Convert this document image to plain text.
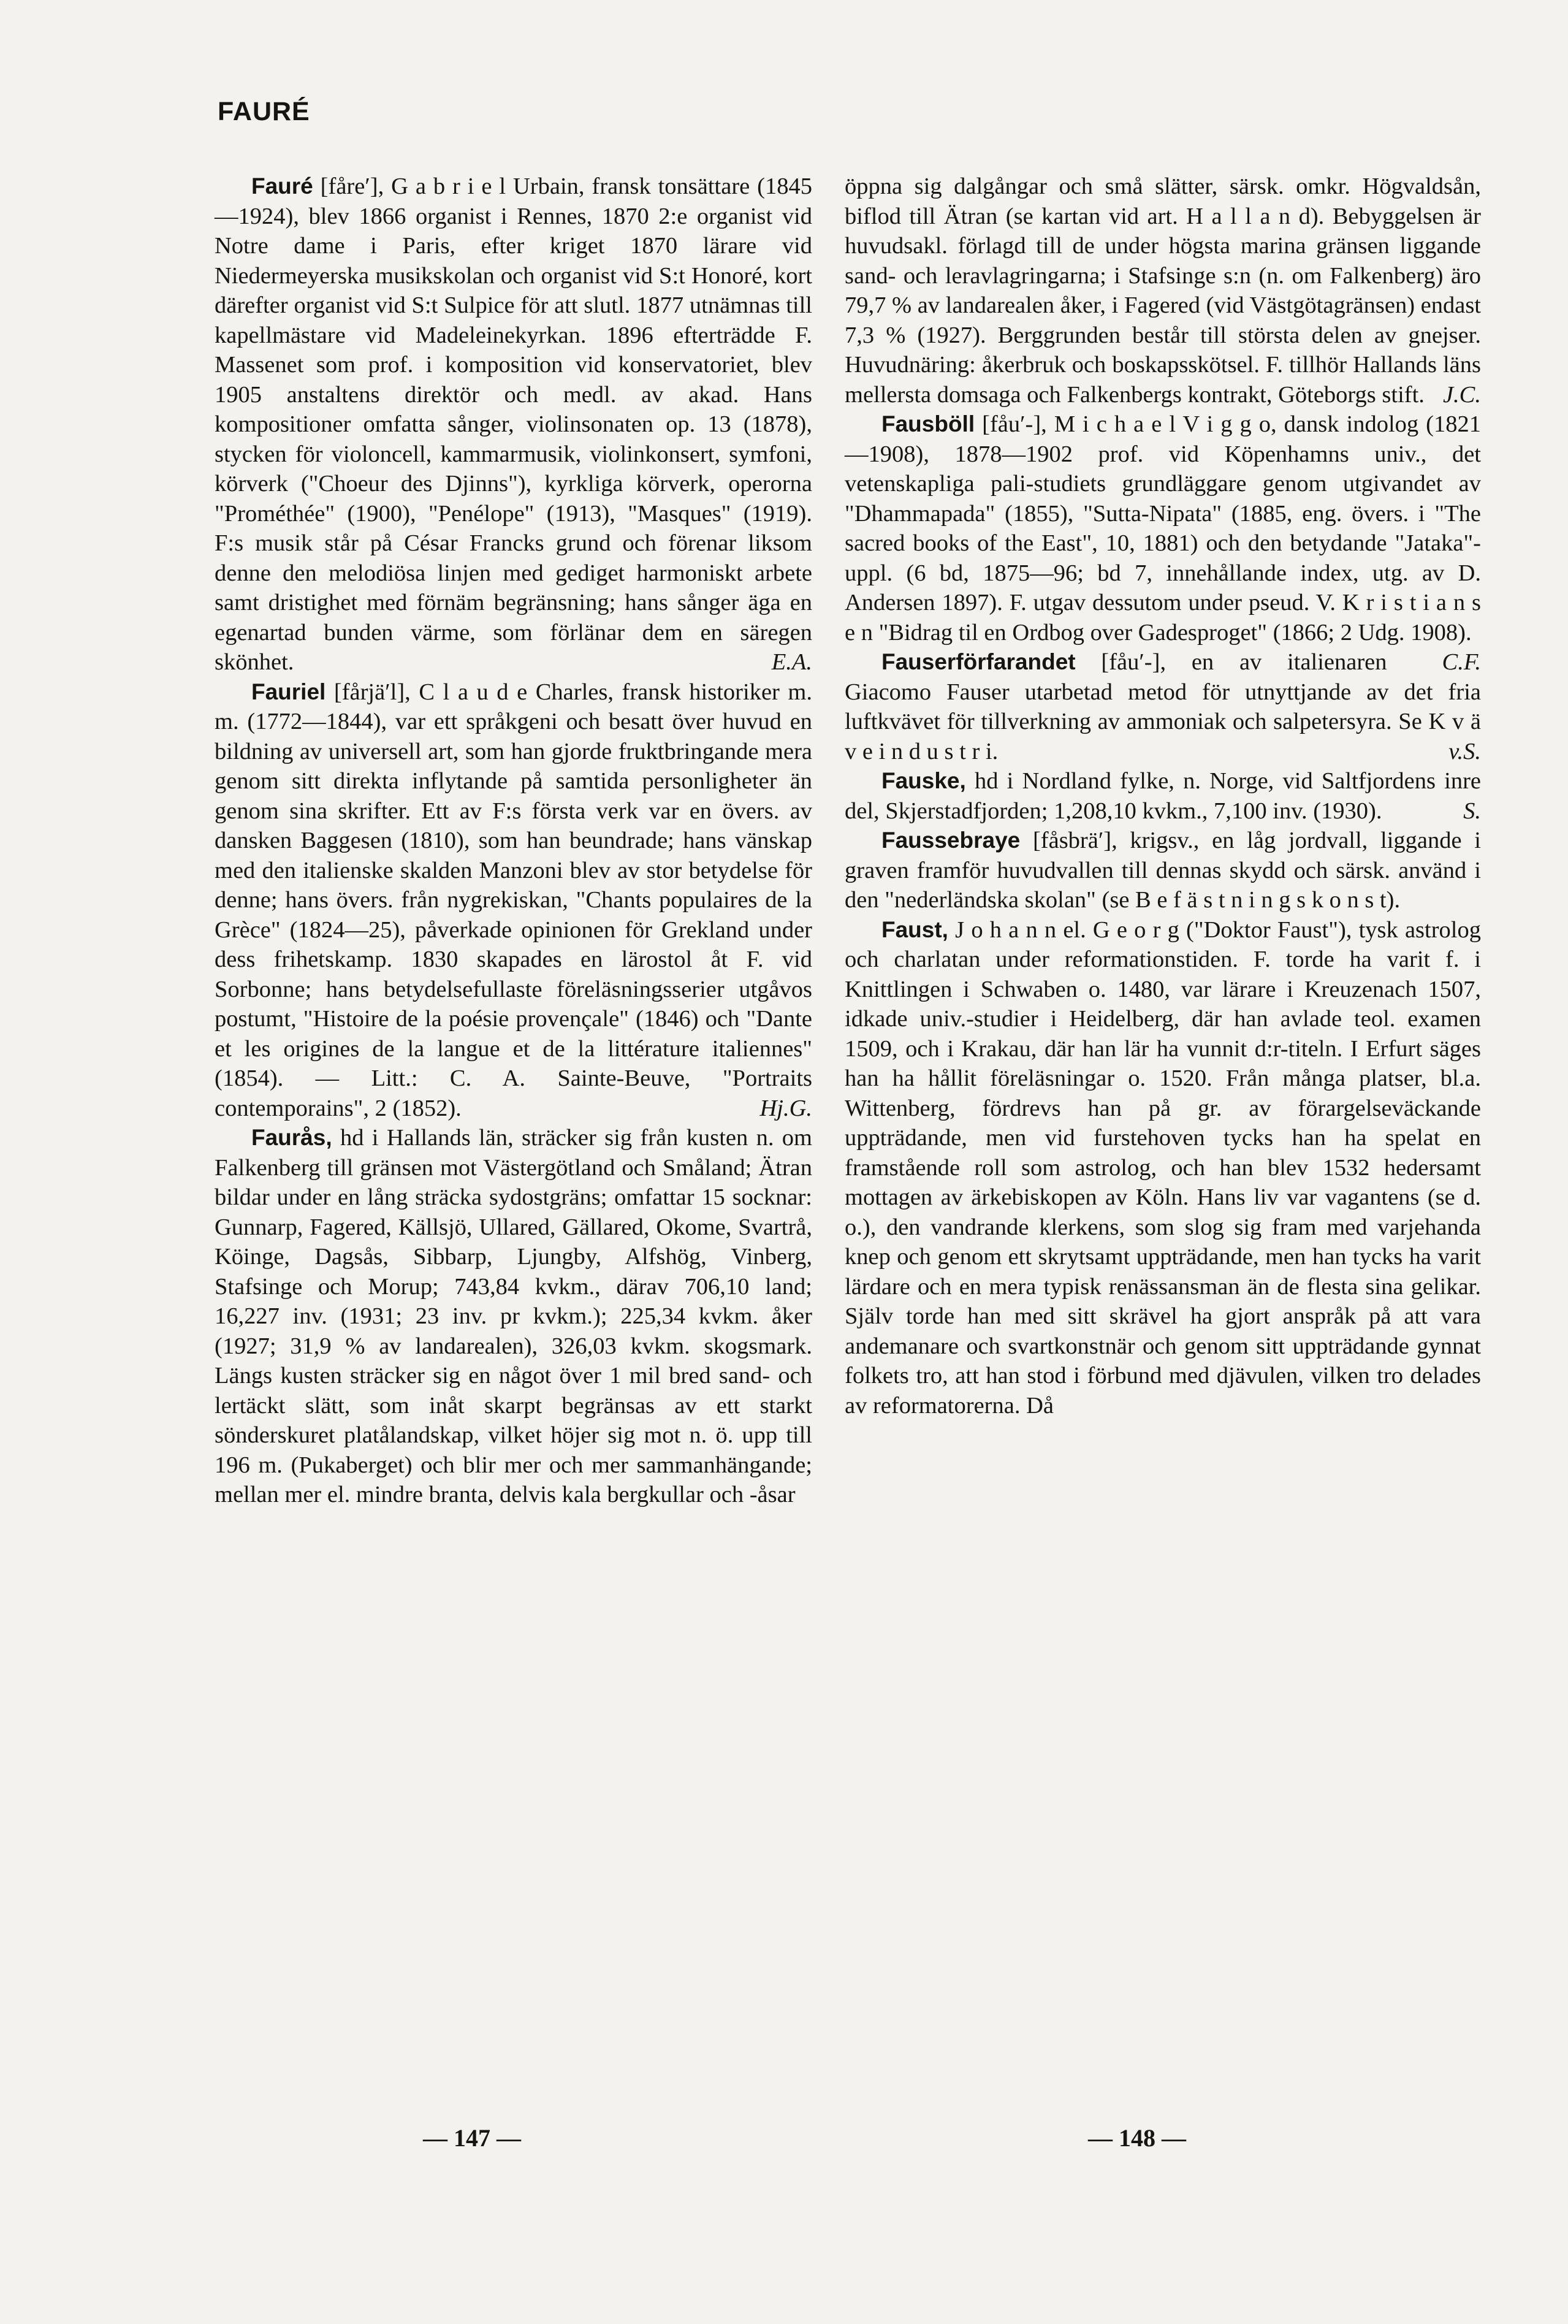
FAURÉ

Fauré [fåre′], G a b r i e l Urbain, fransk tonsättare (1845—1924), blev 1866 organist i Rennes, 1870 2:e organist vid Notre dame i Paris, efter kriget 1870 lärare vid Niedermeyerska musikskolan och organist vid S:t Honoré, kort därefter organist vid S:t Sulpice för att slutl. 1877 utnämnas till kapellmästare vid Madeleinekyrkan. 1896 efterträdde F. Massenet som prof. i komposition vid konservatoriet, blev 1905 anstaltens direktör och medl. av akad. Hans kompositioner omfatta sånger, violinsonaten op. 13 (1878), stycken för violoncell, kammarmusik, violinkonsert, symfoni, körverk ("Choeur des Djinns"), kyrkliga körverk, operorna "Prométhée" (1900), "Penélope" (1913), "Masques" (1919). F:s musik står på César Francks grund och förenar liksom denne den melodiösa linjen med gediget harmoniskt arbete samt dristighet med förnäm begränsning; hans sånger äga en egenartad bunden värme, som förlänar dem en säregen skönhet.	E.A.

Fauriel [fårjä′l], C l a u d e Charles, fransk historiker m. m. (1772—1844), var ett språkgeni och besatt över huvud en bildning av universell art, som han gjorde fruktbringande mera genom sitt direkta inflytande på samtida personligheter än genom sina skrifter. Ett av F:s första verk var en övers. av dansken Baggesen (1810), som han beundrade; hans vänskap med den italienske skalden Manzoni blev av stor betydelse för denne; hans övers. från nygrekiskan, "Chants populaires de la Grèce" (1824—25), påverkade opinionen för Grekland under dess frihetskamp. 1830 skapades en lärostol åt F. vid Sorbonne; hans betydelsefullaste föreläsningsserier utgåvos postumt, "Histoire de la poésie provençale" (1846) och "Dante et les origines de la langue et de la littérature italiennes" (1854). — Litt.: C. A. Sainte-Beuve, "Portraits contemporains", 2 (1852).	Hj.G.

Faurås, hd i Hallands län, sträcker sig från kusten n. om Falkenberg till gränsen mot Västergötland och Småland; Ätran bildar under en lång sträcka sydostgräns; omfattar 15 socknar: Gunnarp, Fagered, Källsjö, Ullared, Gällared, Okome, Svartrå, Köinge, Dagsås, Sibbarp, Ljungby, Alfshög, Vinberg, Stafsinge och Morup; 743,84 kvkm., därav 706,10 land; 16,227 inv. (1931; 23 inv. pr kvkm.); 225,34 kvkm. åker (1927; 31,9 % av landarealen), 326,03 kvkm. skogsmark. Längs kusten sträcker sig en något över 1 mil bred sand- och lertäckt slätt, som inåt skarpt begränsas av ett starkt sönderskuret platålandskap, vilket höjer sig mot n. ö. upp till 196 m. (Pukaberget) och blir mer och mer sammanhängande; mellan mer el. mindre branta, delvis kala bergkullar och -åsar

öppna sig dalgångar och små slätter, särsk. omkr. Högvaldsån, biflod till Ätran (se kartan vid art. H a l l a n d). Bebyggelsen är huvudsakl. förlagd till de under högsta marina gränsen liggande sand- och leravlagringarna; i Stafsinge s:n (n. om Falkenberg) äro 79,7 % av landarealen åker, i Fagered (vid Västgötagränsen) endast 7,3 % (1927). Berggrunden består till största delen av gnejser. Huvudnäring: åkerbruk och boskapsskötsel. F. tillhör Hallands läns mellersta domsaga och Falkenbergs kontrakt, Göteborgs stift. J.C.

Fausböll [fåu′-], M i c h a e l V i g g o, dansk indolog (1821—1908), 1878—1902 prof. vid Köpenhamns univ., det vetenskapliga pali-studiets grundläggare genom utgivandet av "Dhammapada" (1855), "Sutta-Nipata" (1885, eng. övers. i "The sacred books of the East", 10, 1881) och den betydande "Jataka"-uppl. (6 bd, 1875—96; bd 7, innehållande index, utg. av D. Andersen 1897). F. utgav dessutom under pseud. V. K r i s t i a n s e n "Bidrag til en Ordbog over Gadesproget" (1866; 2 Udg. 1908).
C.F.

Fauserförfarandet [fåu′-], en av italienaren Giacomo Fauser utarbetad metod för utnyttjande av det fria luftkvävet för tillverkning av ammoniak och salpetersyra. Se K v ä v e i n d u s t r i.	v.S.

Fauske, hd i Nordland fylke, n. Norge, vid Saltfjordens inre del, Skjerstadfjorden; 1,208,10 kvkm., 7,100 inv. (1930).	S.

Faussebraye [fåsbrä′], krigsv., en låg jordvall, liggande i graven framför huvudvallen till dennas skydd och särsk. använd i den "nederländska skolan" (se B e f ä s t n i n g s k o n s t).

Faust, J o h a n n el. G e o r g ("Doktor Faust"), tysk astrolog och charlatan under reformationstiden. F. torde ha varit f. i Knittlingen i Schwaben o. 1480, var lärare i Kreuzenach 1507, idkade univ.-studier i Heidelberg, där han avlade teol. examen 1509, och i Krakau, där han lär ha vunnit d:r-titeln. I Erfurt säges han ha hållit föreläsningar o. 1520. Från många platser, bl.a. Wittenberg, fördrevs han på gr. av förargelseväckande uppträdande, men vid furstehoven tycks han ha spelat en framstående roll som astrolog, och han blev 1532 hedersamt mottagen av ärkebiskopen av Köln. Hans liv var vagantens (se d. o.), den vandrande klerkens, som slog sig fram med varjehanda knep och genom ett skrytsamt uppträdande, men han tycks ha varit lärdare och en mera typisk renässansman än de flesta sina gelikar. Själv torde han med sitt skrävel ha gjort anspråk på att vara andemanare och svartkonstnär och genom sitt uppträdande gynnat folkets tro, att han stod i förbund med djävulen, vilken tro delades av reformatorerna. Då

— 147 —	— 148 —
